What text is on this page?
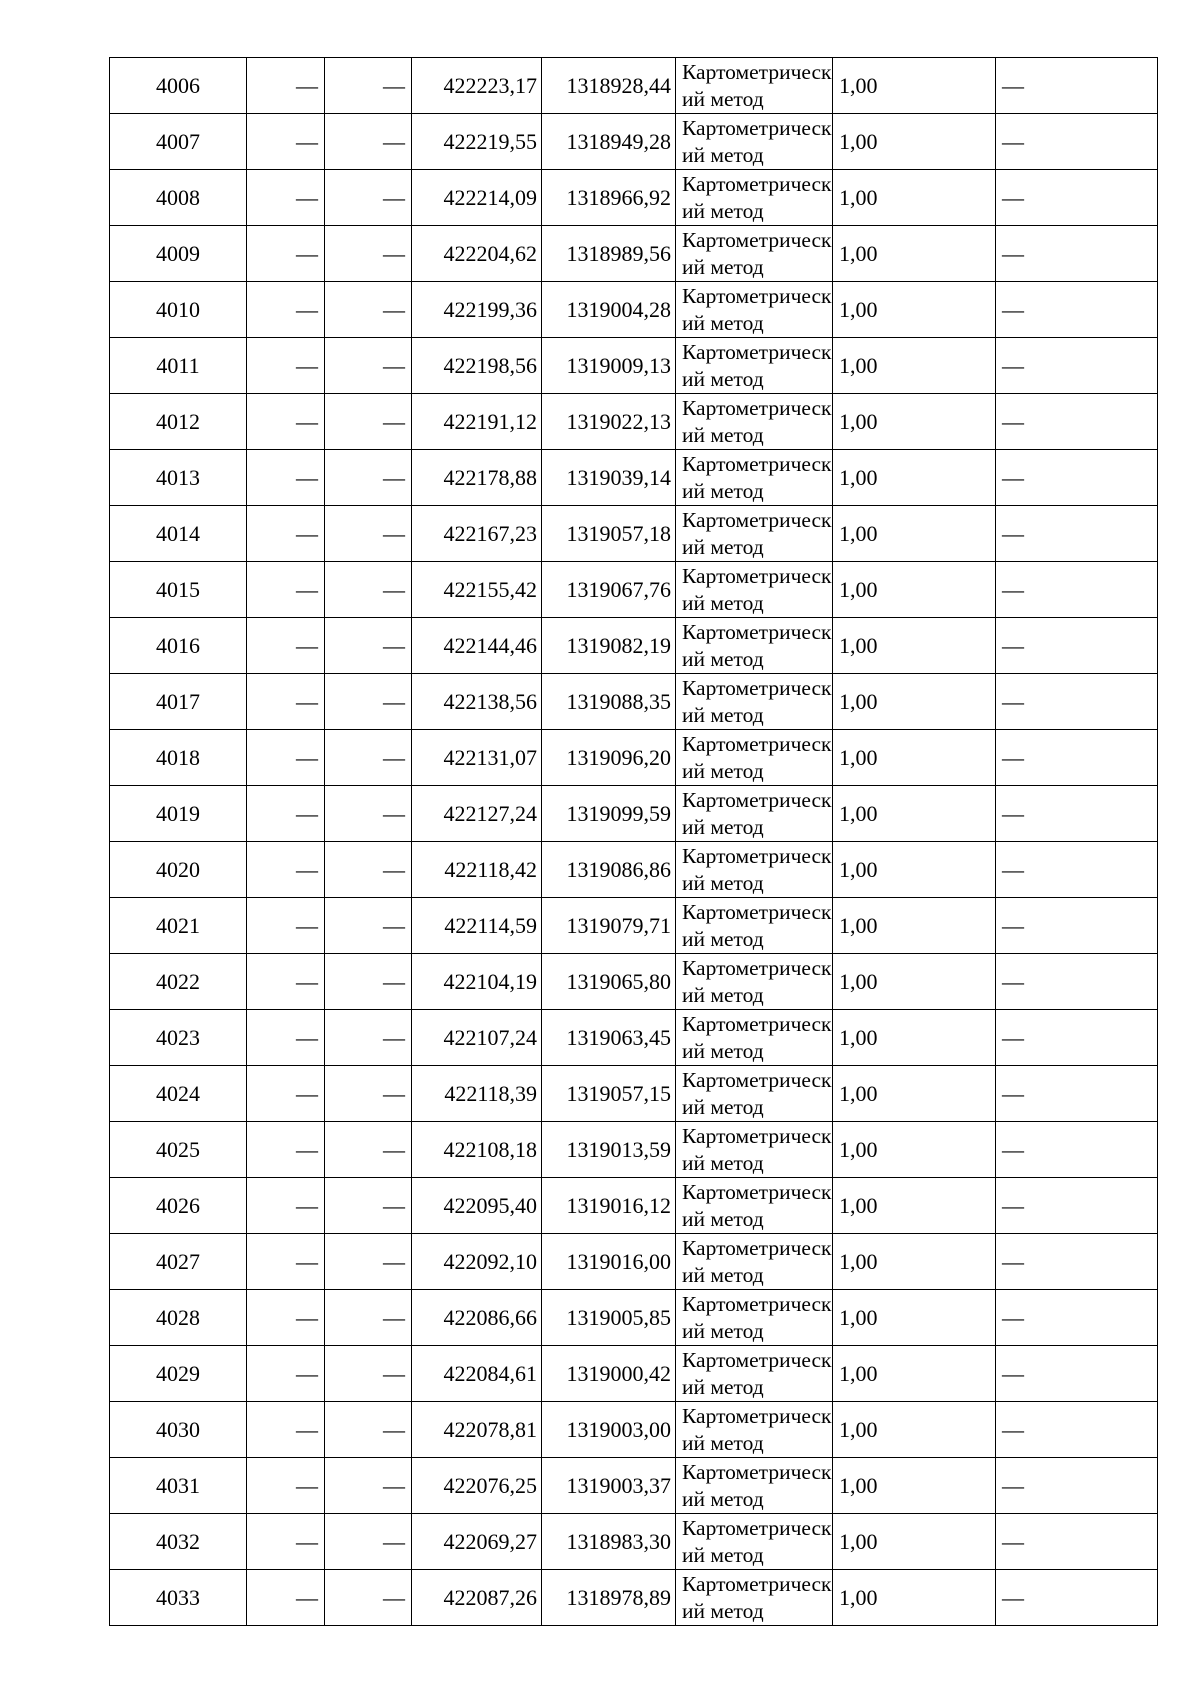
4006	—	—	422223,17	1318928,44	Картометрический метод	1,00	—
4007	—	—	422219,55	1318949,28	Картометрический метод	1,00	—
4008	—	—	422214,09	1318966,92	Картометрический метод	1,00	—
4009	—	—	422204,62	1318989,56	Картометрический метод	1,00	—
4010	—	—	422199,36	1319004,28	Картометрический метод	1,00	—
4011	—	—	422198,56	1319009,13	Картометрический метод	1,00	—
4012	—	—	422191,12	1319022,13	Картометрический метод	1,00	—
4013	—	—	422178,88	1319039,14	Картометрический метод	1,00	—
4014	—	—	422167,23	1319057,18	Картометрический метод	1,00	—
4015	—	—	422155,42	1319067,76	Картометрический метод	1,00	—
4016	—	—	422144,46	1319082,19	Картометрический метод	1,00	—
4017	—	—	422138,56	1319088,35	Картометрический метод	1,00	—
4018	—	—	422131,07	1319096,20	Картометрический метод	1,00	—
4019	—	—	422127,24	1319099,59	Картометрический метод	1,00	—
4020	—	—	422118,42	1319086,86	Картометрический метод	1,00	—
4021	—	—	422114,59	1319079,71	Картометрический метод	1,00	—
4022	—	—	422104,19	1319065,80	Картометрический метод	1,00	—
4023	—	—	422107,24	1319063,45	Картометрический метод	1,00	—
4024	—	—	422118,39	1319057,15	Картометрический метод	1,00	—
4025	—	—	422108,18	1319013,59	Картометрический метод	1,00	—
4026	—	—	422095,40	1319016,12	Картометрический метод	1,00	—
4027	—	—	422092,10	1319016,00	Картометрический метод	1,00	—
4028	—	—	422086,66	1319005,85	Картометрический метод	1,00	—
4029	—	—	422084,61	1319000,42	Картометрический метод	1,00	—
4030	—	—	422078,81	1319003,00	Картометрический метод	1,00	—
4031	—	—	422076,25	1319003,37	Картометрический метод	1,00	—
4032	—	—	422069,27	1318983,30	Картометрический метод	1,00	—
4033	—	—	422087,26	1318978,89	Картометрический метод	1,00	—
